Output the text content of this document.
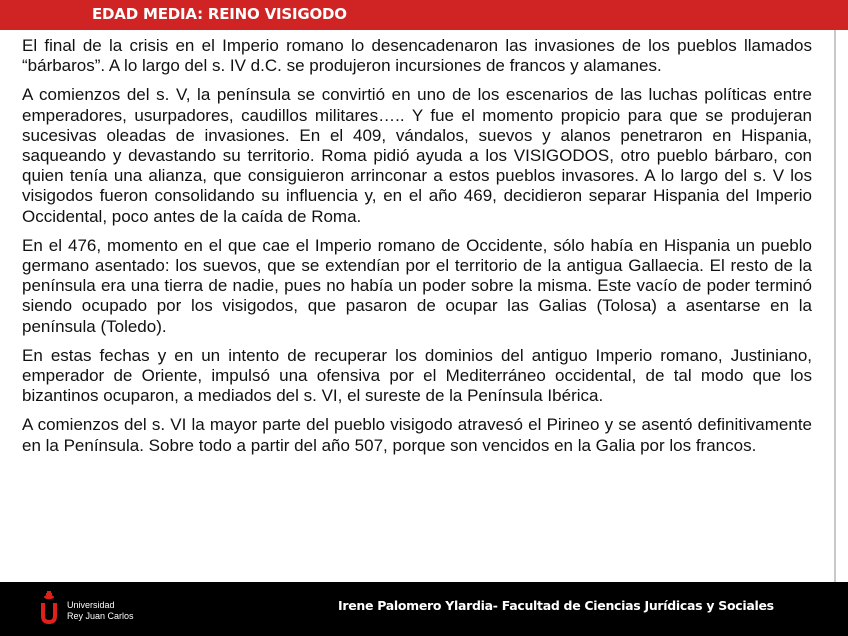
EDAD MEDIA: REINO VISIGODO

El final de la crisis en el Imperio romano lo desencadenaron las invasiones de los pueblos llamados “bárbaros”. A lo largo del s. IV d.C. se produjeron incursiones de francos y alamanes.

A comienzos del s. V, la península se convirtió en uno de los escenarios de las luchas políticas entre emperadores, usurpadores, caudillos militares….. Y fue el momento propicio para que se produjeran sucesivas oleadas de invasiones. En el 409, vándalos, suevos y alanos penetraron en Hispania, saqueando y devastando su territorio. Roma pidió ayuda a los VISIGODOS, otro pueblo bárbaro, con quien tenía una alianza, que consiguieron arrinconar a estos pueblos invasores. A lo largo del s. V los visigodos fueron consolidando su influencia y, en el año 469, decidieron separar Hispania del Imperio Occidental, poco antes de la caída de Roma.

En el 476, momento en el que cae el Imperio romano de Occidente, sólo había en Hispania un pueblo germano asentado: los suevos, que se extendían por el territorio de la antigua Gallaecia. El resto de la península era una tierra de nadie, pues no había un poder sobre la misma. Este vacío de poder terminó siendo ocupado por los visigodos, que pasaron de ocupar las Galias (Tolosa) a asentarse en la península (Toledo).

En estas fechas y en un intento de recuperar los dominios del antiguo Imperio romano, Justiniano, emperador de Oriente, impulsó una ofensiva por el Mediterráneo occidental, de tal modo que los bizantinos ocuparon, a mediados del s. VI, el sureste de la Península Ibérica.

A comienzos del s. VI la mayor parte del pueblo visigodo atravesó el Pirineo y se asentó definitivamente en la Península. Sobre todo a partir del año 507, porque son vencidos en la Galia por los francos.

Universidad
Rey Juan Carlos
Irene Palomero Ylardia- Facultad de Ciencias Jurídicas y Sociales
